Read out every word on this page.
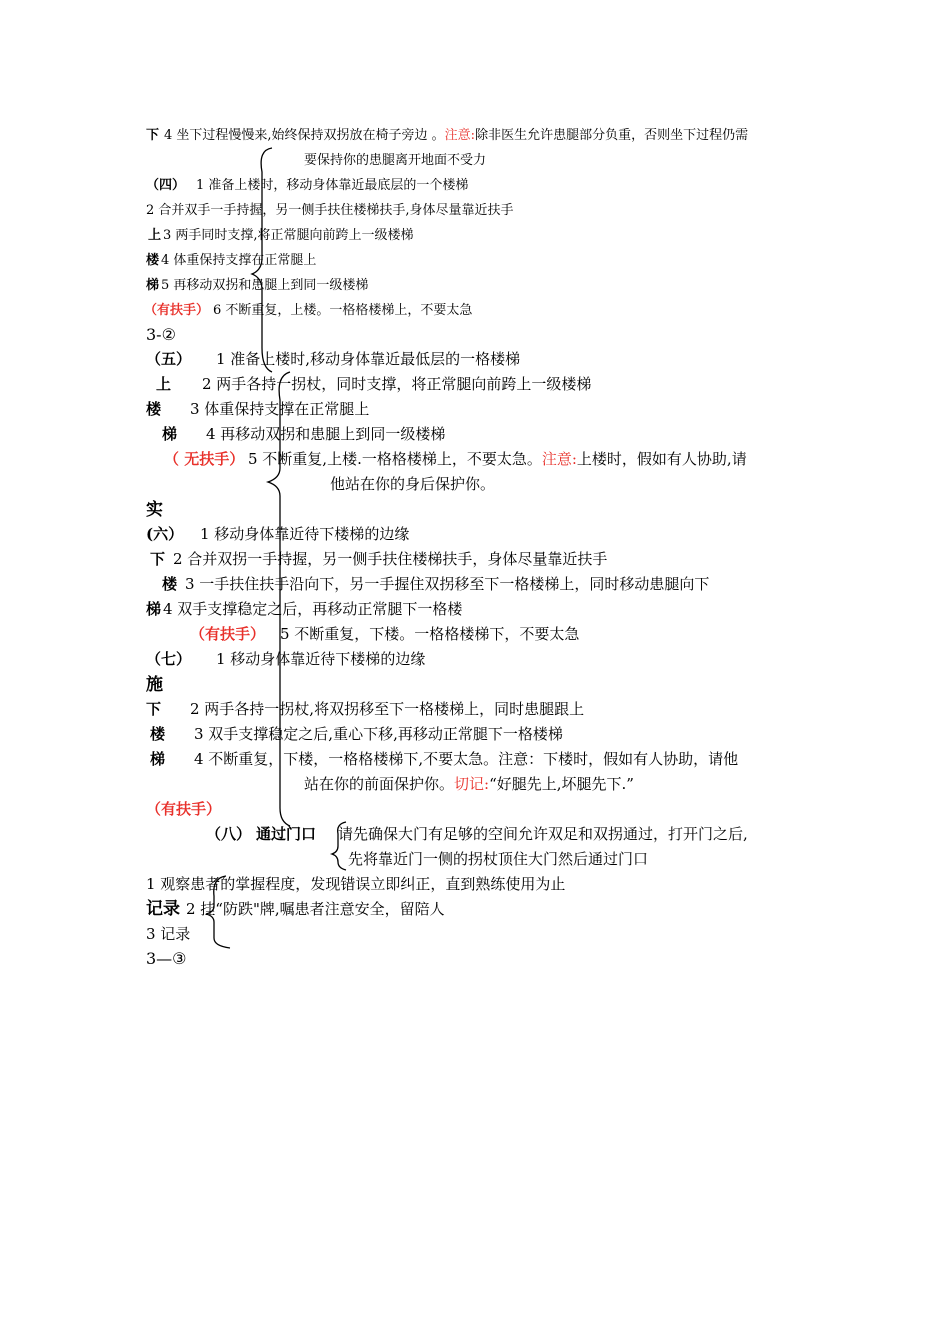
下 4 坐下过程慢慢来,始终保持双拐放在椅子旁边 。注意:除非医生允许患腿部分负重，否则坐下过程仍需
要保持你的患腿离开地面不受力
（四） 1 准备上楼时，移动身体靠近最底层的一个楼梯
2 合并双手一手持握，另一侧手扶住楼梯扶手,身体尽量靠近扶手
上 3 两手同时支撑,将正常腿向前跨上一级楼梯
楼 4 体重保持支撑在正常腿上
梯 5 再移动双拐和患腿上到同一级楼梯
（有扶手） 6 不断重复，上楼。一格格楼梯上，不要太急
3-②
（五） 1 准备上楼时,移动身体靠近最低层的一格楼梯
上 2 两手各持一拐杖，同时支撑，将正常腿向前跨上一级楼梯
楼 3 体重保持支撑在正常腿上
梯 4 再移动双拐和患腿上到同一级楼梯
（ 无扶手） 5 不断重复,上楼.一格格楼梯上，不要太急。注意:上楼时，假如有人协助,请
他站在你的身后保护你。
实
(六） 1 移动身体靠近待下楼梯的边缘
下 2 合并双拐一手持握，另一侧手扶住楼梯扶手，身体尽量靠近扶手
楼 3 一手扶住扶手沿向下，另一手握住双拐移至下一格楼梯上，同时移动患腿向下
梯 4 双手支撑稳定之后，再移动正常腿下一格楼
（有扶手） 5 不断重复，下楼。一格格楼梯下，不要太急
（七） 1 移动身体靠近待下楼梯的边缘
施
下 2 两手各持一拐杖,将双拐移至下一格楼梯上，同时患腿跟上
楼 3 双手支撑稳定之后,重心下移,再移动正常腿下一格楼梯
梯 4 不断重复，下楼，一格格楼梯下,不要太急。注意：下楼时，假如有人协助，请他
站在你的前面保护你。切记:“好腿先上,坏腿先下.”
（有扶手）
（八） 通过门口 请先确保大门有足够的空间允许双足和双拐通过，打开门之后,
先将靠近门一侧的拐杖顶住大门然后通过门口
1 观察患者的掌握程度，发现错误立即纠正，直到熟练使用为止
记录 2 挂“防跌"牌,嘱患者注意安全，留陪人
3 记录
3—③
